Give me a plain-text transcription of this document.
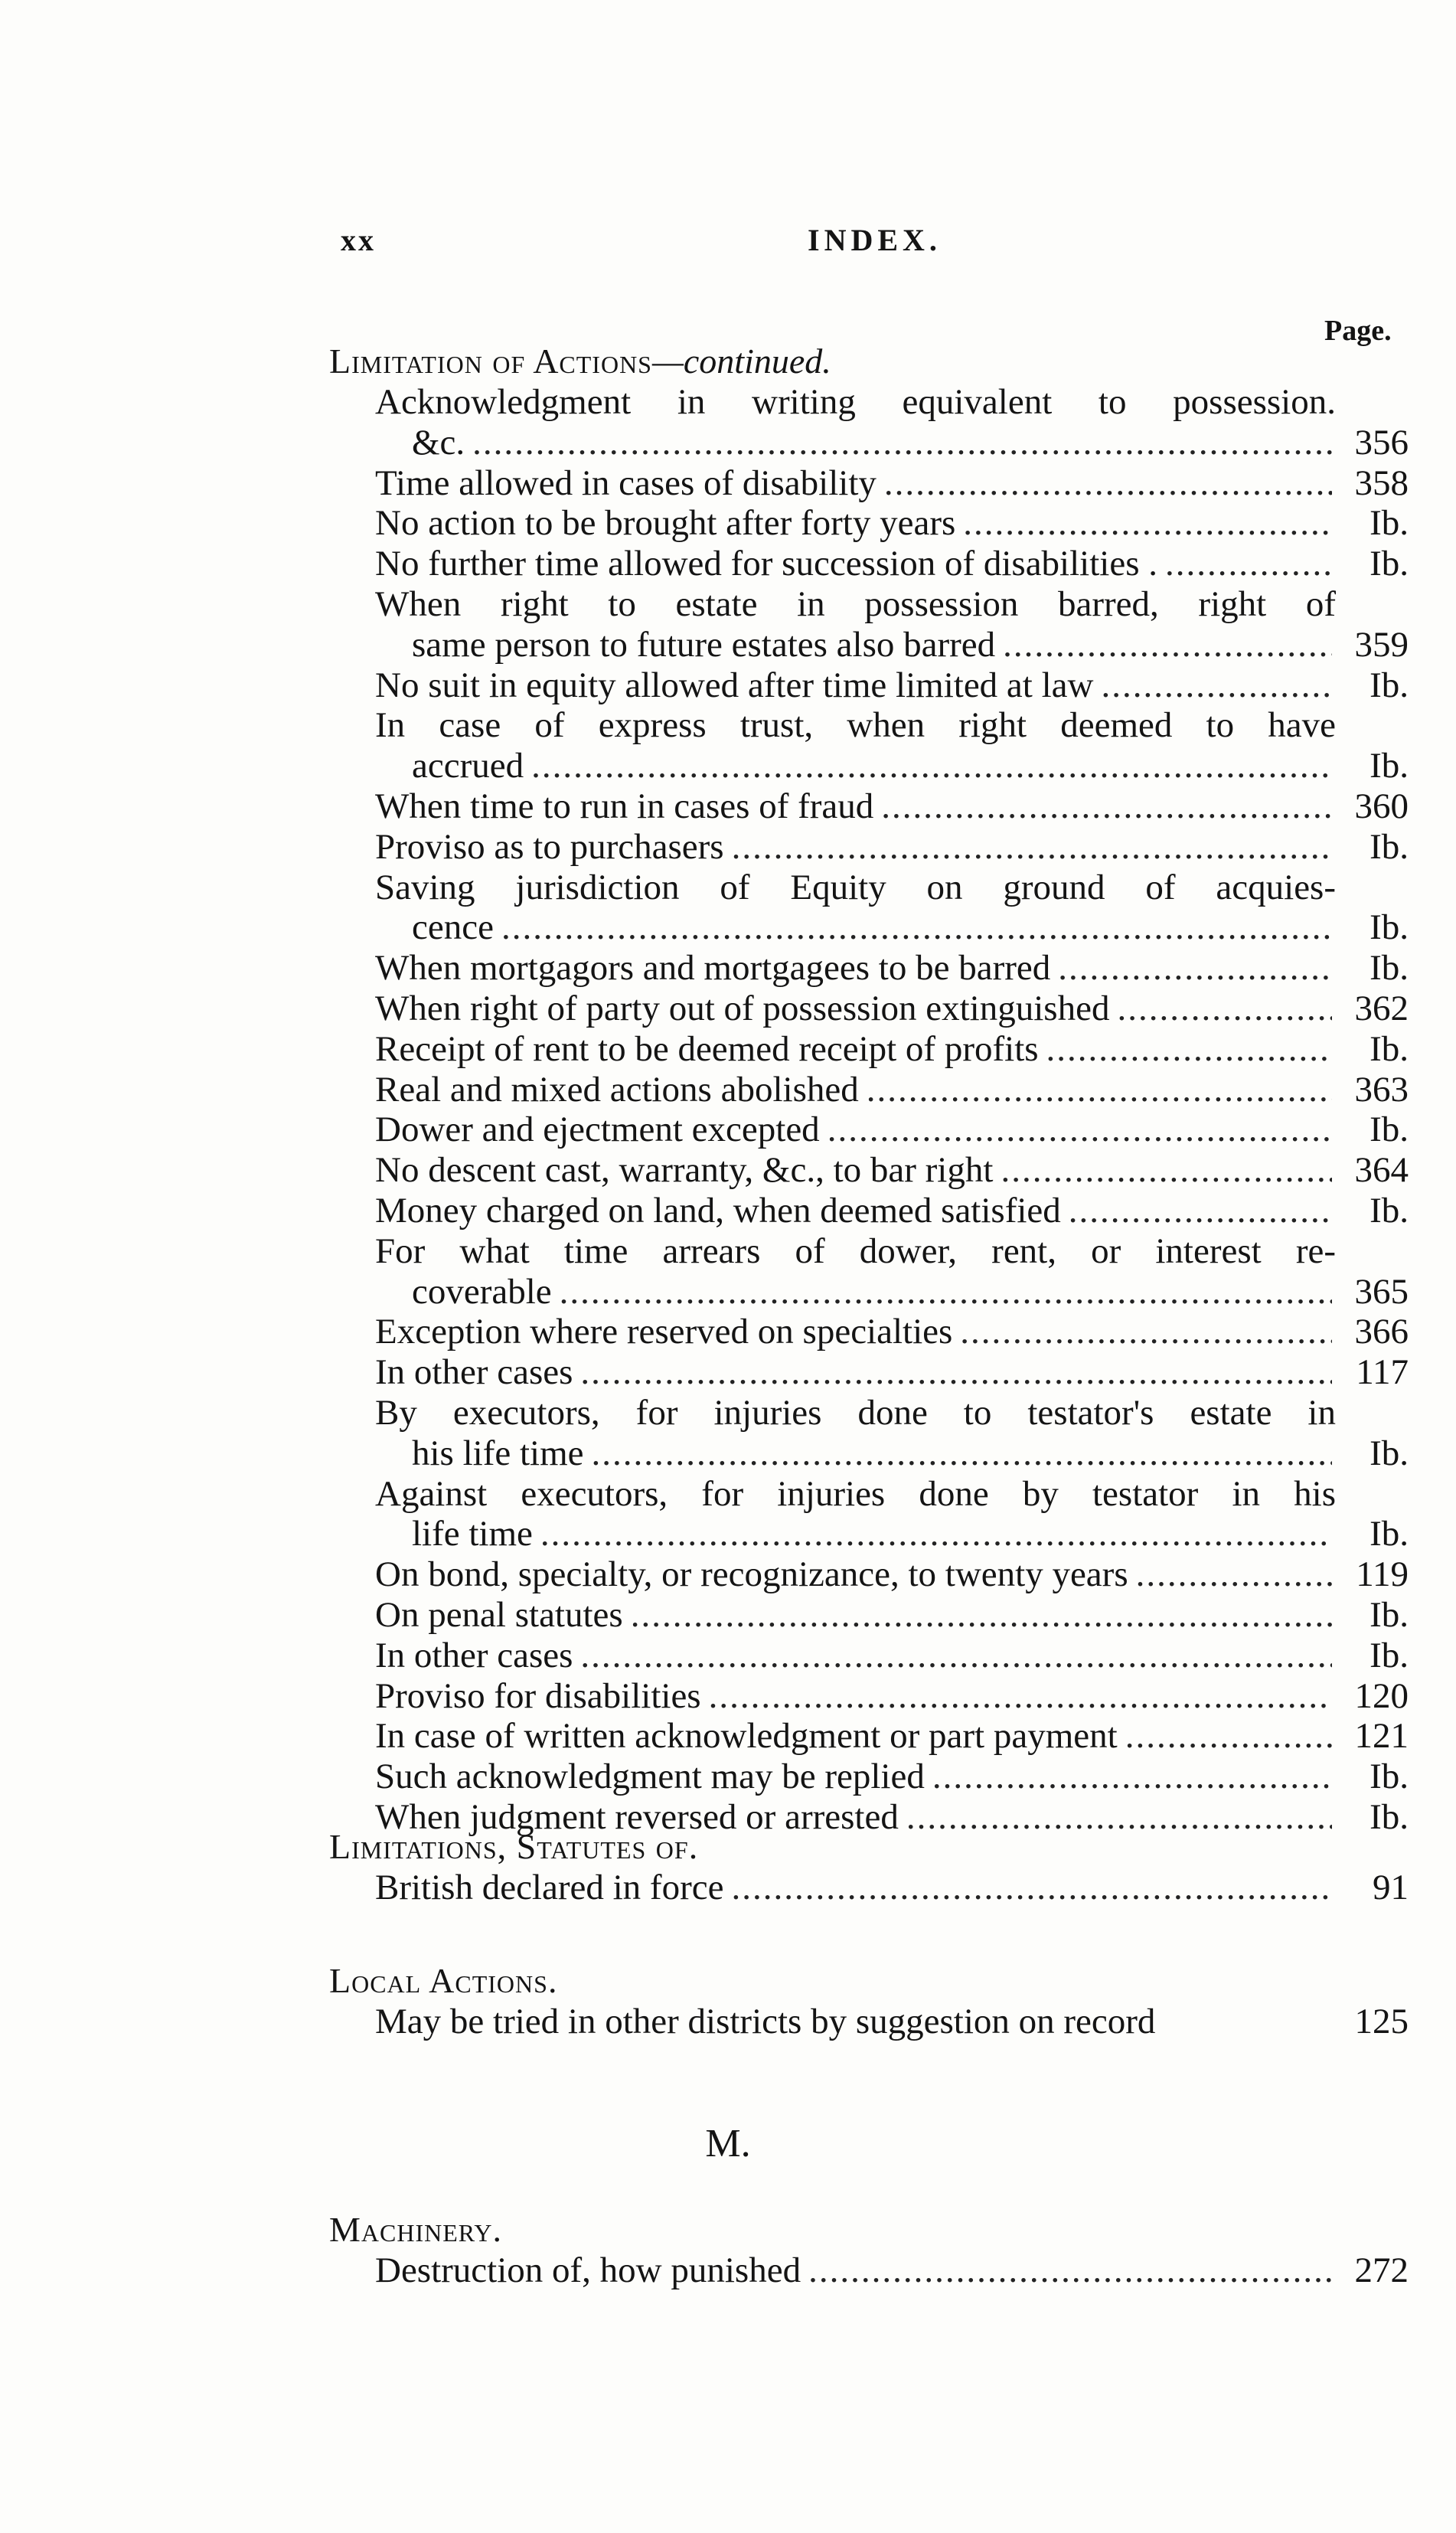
xx	INDEX.
Page.
Limitation of Actions—continued.
Acknowledgment in writing equivalent to possession.
&c. .....	356
Time allowed in cases of disability .....	358
No action to be brought after forty years .....	Ib.
No further time allowed for succession of disabilities . .....	Ib.
When right to estate in possession barred, right of
same person to future estates also barred .....	359
No suit in equity allowed after time limited at law .....	Ib.
In case of express trust, when right deemed to have
accrued .....	Ib.
When time to run in cases of fraud .....	360
Proviso as to purchasers .....	Ib.
Saving jurisdiction of Equity on ground of acquies-
cence .....	Ib.
When mortgagors and mortgagees to be barred .....	Ib.
When right of party out of possession extinguished .....	362
Receipt of rent to be deemed receipt of profits .....	Ib.
Real and mixed actions abolished .....	363
Dower and ejectment excepted .....	Ib.
No descent cast, warranty, &c., to bar right .....	364
Money charged on land, when deemed satisfied .....	Ib.
For what time arrears of dower, rent, or interest re-
coverable .....	365
Exception where reserved on specialties .....	366
In other cases .....	117
By executors, for injuries done to testator's estate in
his life time .....	Ib.
Against executors, for injuries done by testator in his
life time .....	Ib.
On bond, specialty, or recognizance, to twenty years .....	119
On penal statutes .....	Ib.
In other cases .....	Ib.
Proviso for disabilities .....	120
In case of written acknowledgment or part payment .....	121
Such acknowledgment may be replied .....	Ib.
When judgment reversed or arrested .....	Ib.
Limitations, Statutes of.
British declared in force .....	91
Local Actions.
May be tried in other districts by suggestion on record	125
M.
Machinery.
Destruction of, how punished .....	272
